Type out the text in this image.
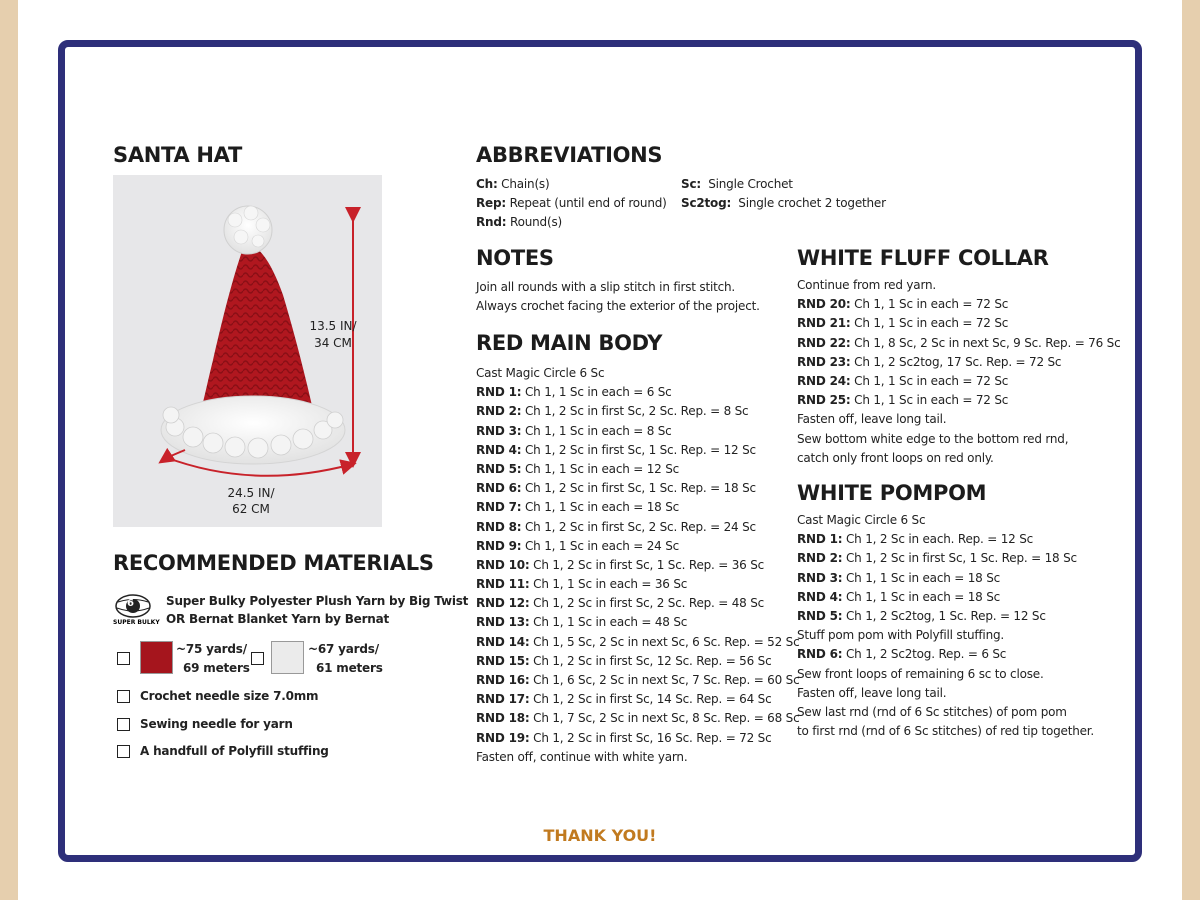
SANTA HAT
13.5 IN/
34 CM
24.5 IN/
62 CM
RECOMMENDED MATERIALS
6
SUPER BULKY
Super Bulky Polyester Plush Yarn by Big Twist
OR Bernat Blanket Yarn by Bernat
~75 yards/
69 meters
~67 yards/
61 meters
Crochet needle size 7.0mm
Sewing needle for yarn
A handfull of Polyfill stuffing
ABBREVIATIONS
Ch: Chain(s)
Rep: Repeat (until end of round)
Rnd: Round(s)
Sc:  Single Crochet
Sc2tog:  Single crochet 2 together
NOTES
Join all rounds with a slip stitch in first stitch.
Always crochet facing the exterior of the project.
RED MAIN BODY
Cast Magic Circle 6 Sc
RND 1: Ch 1, 1 Sc in each = 6 Sc
RND 2: Ch 1, 2 Sc in first Sc, 2 Sc. Rep. = 8 Sc
RND 3: Ch 1, 1 Sc in each = 8 Sc
RND 4: Ch 1, 2 Sc in first Sc, 1 Sc. Rep. = 12 Sc
RND 5: Ch 1, 1 Sc in each = 12 Sc
RND 6: Ch 1, 2 Sc in first Sc, 1 Sc. Rep. = 18 Sc
RND 7: Ch 1, 1 Sc in each = 18 Sc
RND 8: Ch 1, 2 Sc in first Sc, 2 Sc. Rep. = 24 Sc
RND 9: Ch 1, 1 Sc in each = 24 Sc
RND 10: Ch 1, 2 Sc in first Sc, 1 Sc. Rep. = 36 Sc
RND 11: Ch 1, 1 Sc in each = 36 Sc
RND 12: Ch 1, 2 Sc in first Sc, 2 Sc. Rep. = 48 Sc
RND 13: Ch 1, 1 Sc in each = 48 Sc
RND 14: Ch 1, 5 Sc, 2 Sc in next Sc, 6 Sc. Rep. = 52 Sc
RND 15: Ch 1, 2 Sc in first Sc, 12 Sc. Rep. = 56 Sc
RND 16: Ch 1, 6 Sc, 2 Sc in next Sc, 7 Sc. Rep. = 60 Sc
RND 17: Ch 1, 2 Sc in first Sc, 14 Sc. Rep. = 64 Sc
RND 18: Ch 1, 7 Sc, 2 Sc in next Sc, 8 Sc. Rep. = 68 Sc
RND 19: Ch 1, 2 Sc in first Sc, 16 Sc. Rep. = 72 Sc
Fasten off, continue with white yarn.
WHITE FLUFF COLLAR
Continue from red yarn.
RND 20: Ch 1, 1 Sc in each = 72 Sc
RND 21: Ch 1, 1 Sc in each = 72 Sc
RND 22: Ch 1, 8 Sc, 2 Sc in next Sc, 9 Sc. Rep. = 76 Sc
RND 23: Ch 1, 2 Sc2tog, 17 Sc. Rep. = 72 Sc
RND 24: Ch 1, 1 Sc in each = 72 Sc
RND 25: Ch 1, 1 Sc in each = 72 Sc
Fasten off, leave long tail.
Sew bottom white edge to the bottom red rnd,
catch only front loops on red only.
WHITE POMPOM
Cast Magic Circle 6 Sc
RND 1: Ch 1, 2 Sc in each. Rep. = 12 Sc
RND 2: Ch 1, 2 Sc in first Sc, 1 Sc. Rep. = 18 Sc
RND 3: Ch 1, 1 Sc in each = 18 Sc
RND 4: Ch 1, 1 Sc in each = 18 Sc
RND 5: Ch 1, 2 Sc2tog, 1 Sc. Rep. = 12 Sc
Stuff pom pom with Polyfill stuffing.
RND 6: Ch 1, 2 Sc2tog. Rep. = 6 Sc
Sew front loops of remaining 6 sc to close.
Fasten off, leave long tail.
Sew last rnd (rnd of 6 Sc stitches) of pom pom
to first rnd (rnd of 6 Sc stitches) of red tip together.
THANK YOU!
